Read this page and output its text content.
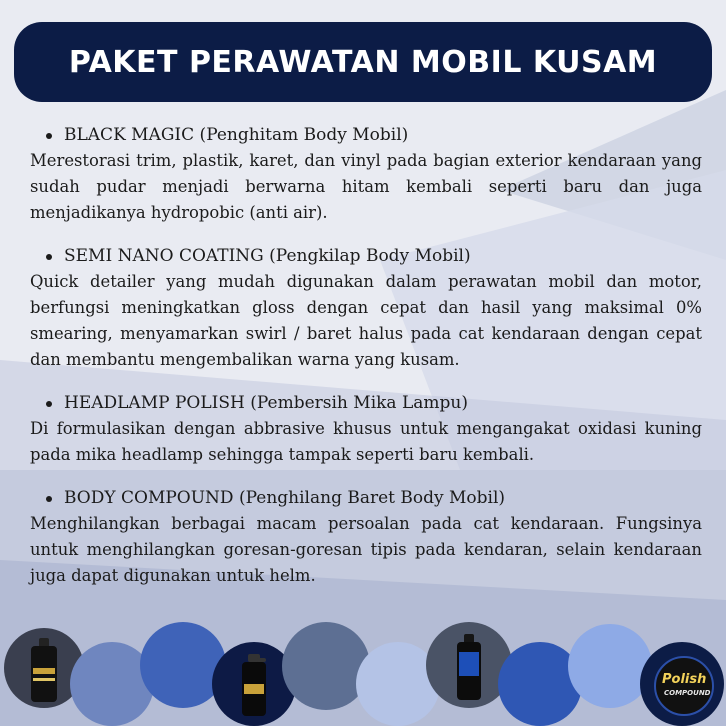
PAKET PERAWATAN MOBIL KUSAM
BLACK MAGIC (Penghitam Body Mobil)
Merestorasi trim, plastik, karet, dan vinyl pada bagian exterior kendaraan yang sudah pudar menjadi berwarna hitam kembali seperti baru dan juga menjadikanya hydropobic (anti air).
SEMI NANO COATING (Pengkilap Body Mobil)
Quick detailer yang mudah digunakan dalam perawatan mobil dan motor, berfungsi meningkatkan gloss dengan cepat dan hasil yang maksimal 0% smearing, menyamarkan swirl / baret halus pada cat kendaraan dengan cepat dan membantu mengembalikan warna yang kusam.
HEADLAMP POLISH (Pembersih Mika Lampu)
Di formulasikan dengan abbrasive khusus untuk mengangakat oxidasi kuning pada mika headlamp sehingga tampak seperti baru kembali.
BODY COMPOUND (Penghilang Baret Body Mobil)
Menghilangkan berbagai macam persoalan pada cat kendaraan. Fungsinya untuk menghilangkan goresan-goresan tipis pada kendaran, selain kendaraan juga dapat digunakan untuk helm.
Polish
COMPOUND
